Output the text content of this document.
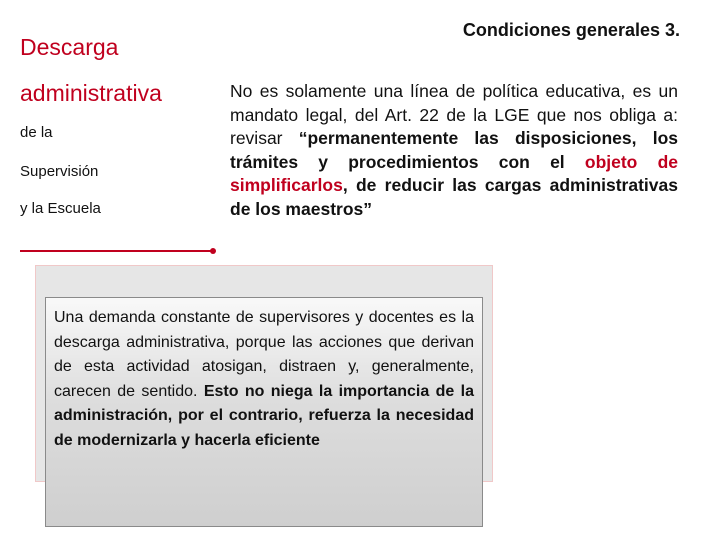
Descarga
administrativa
de la
Supervisión
y la Escuela
Condiciones generales 3.
No es solamente una línea de política educativa, es un mandato legal, del Art. 22 de la LGE que nos obliga a: revisar “permanentemente las disposiciones, los trámites y procedimientos con el objeto de simplificarlos, de reducir las cargas administrativas de los maestros”
Una demanda constante de supervisores y docentes es la descarga administrativa, porque las acciones que derivan de esta actividad atosigan, distraen y, generalmente, carecen de sentido. Esto no niega la importancia de la administración, por el contrario, refuerza la necesidad de modernizarla y hacerla eficiente
